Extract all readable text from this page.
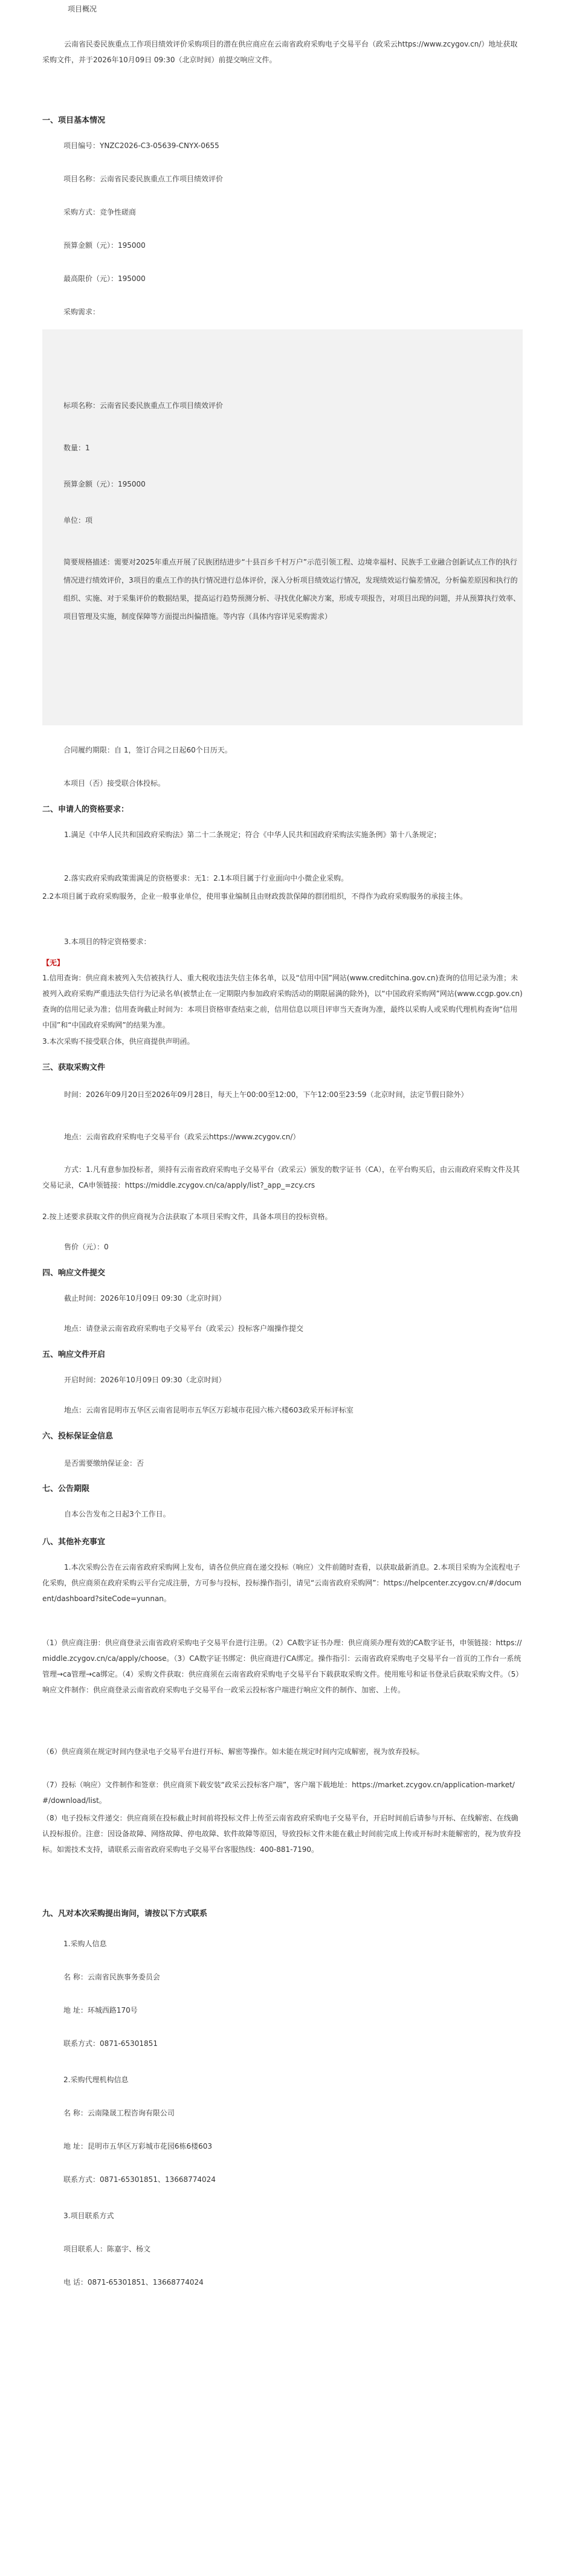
项目概况
云南省民委民族重点工作项目绩效评价采购项目的潜在供应商应在云南省政府采购电子交易平台（政采云https://www.zcygov.cn/）地址获取采购文件，并于2026年10月09日 09:30（北京时间）前提交响应文件。
一、项目基本情况
项目编号：YNZC2026-C3-05639-CNYX-0655
项目名称：云南省民委民族重点工作项目绩效评价
采购方式：竞争性磋商
预算金额（元）：195000
最高限价（元）：195000
采购需求：
标项名称：云南省民委民族重点工作项目绩效评价
数量：1
预算金额（元）：195000
单位：项
简要规格描述：需要对2025年重点开展了民族团结进步“十县百乡千村万户”示范引领工程、边境幸福村、民族手工业融合创新试点工作的执行情况进行绩效评价，3项目的重点工作的执行情况进行总体评价，深入分析项目绩效运行情况，发现绩效运行偏差情况，分析偏差原因和执行的组织、实施、对于采集评价的数据结果，提高运行趋势预测分析、寻找优化解决方案，形成专项报告，对项目出现的问题，并从预算执行效率、项目管理及实施，制度保障等方面提出纠偏措施。等内容（具体内容详见采购需求）
合同履约期限：自 1，签订合同之日起60个日历天。
本项目（否）接受联合体投标。
二、申请人的资格要求：
1.满足《中华人民共和国政府采购法》第二十二条规定；符合《中华人民共和国政府采购法实施条例》第十八条规定；
2.落实政府采购政策需满足的资格要求：无1：2.1本项目属于行业面向中小微企业采购。
2.2本项目属于政府采购服务，企业一般事业单位，使用事业编制且由财政拨款保障的群团组织，不得作为政府采购服务的承接主体。
3.本项目的特定资格要求：
【无】
1.信用查询：供应商未被列入失信被执行人、重大税收违法失信主体名单，以及“信用中国”网站(www.creditchina.gov.cn)查询的信用记录为准；未被列入政府采购严重违法失信行为记录名单(被禁止在一定期限内参加政府采购活动的期限届满的除外)，以“中国政府采购网”网站(www.ccgp.gov.cn)查询的信用记录为准；信用查询截止时间为：本项目资格审查结束之前，信用信息以项目评审当天查询为准，最终以采购人或采购代理机构查询“信用中国”和“中国政府采购网”的结果为准。
3.本次采购不接受联合体，供应商提供声明函。
三、获取采购文件
时间：2026年09月20日至2026年09月28日，每天上午00:00至12:00，下午12:00至23:59（北京时间，法定节假日除外）
地点：云南省政府采购电子交易平台（政采云https://www.zcygov.cn/）
方式：1.凡有意参加投标者，须持有云南省政府采购电子交易平台（政采云）颁发的数字证书（CA），在平台购买后，由云南政府采购文件及其交易记录，CA申领链接：https://middle.zcygov.cn/ca/apply/list?_app_=zcy.crs
2.按上述要求获取文件的供应商视为合法获取了本项目采购文件，具备本项目的投标资格。
售价（元）：0
四、响应文件提交
截止时间：2026年10月09日 09:30（北京时间）
地点：请登录云南省政府采购电子交易平台（政采云）投标客户端操作提交
五、响应文件开启
开启时间：2026年10月09日 09:30（北京时间）
地点：云南省昆明市五华区云南省昆明市五华区万彩城市花园六栋六楼603政采开标评标室
六、投标保证金信息
是否需要缴纳保证金：否
七、公告期限
自本公告发布之日起3个工作日。
八、其他补充事宜
1.本次采购公告在云南省政府采购网上发布，请各位供应商在递交投标（响应）文件前随时查看，以获取最新消息。2.本项目采购为全流程电子化采购，供应商须在政府采购云平台完成注册，方可参与投标，投标操作指引，请见“云南省政府采购网”：https://helpcenter.zcygov.cn/#/document/dashboard?siteCode=yunnan。
（1）供应商注册：供应商登录云南省政府采购电子交易平台进行注册。（2）CA数字证书办理：供应商须办理有效的CA数字证书，申领链接：https://middle.zcygov.cn/ca/apply/choose。（3）CA数字证书绑定：供应商进行CA绑定。操作指引：云南省政府采购电子交易平台一首页的工作台一系统管理→ca管理→ca绑定。（4）采购文件获取：供应商须在云南省政府采购电子交易平台下载获取采购文件。使用账号和证书登录后获取采购文件。（5）响应文件制作：供应商登录云南省政府采购电子交易平台一政采云投标客户端进行响应文件的制作、加密、上传。
（6）供应商须在规定时间内登录电子交易平台进行开标、解密等操作。如未能在规定时间内完成解密，视为放弃投标。
（7）投标（响应）文件制作和签章：供应商须下载安装“政采云投标客户端”，客户端下载地址：https://market.zcygov.cn/application-market/#/download/list。
（8）电子投标文件递交：供应商须在投标截止时间前将投标文件上传至云南省政府采购电子交易平台，开启时间前后请参与开标、在线解密、在线确认投标报价。注意：因设备故障、网络故障、停电故障、软件故障等原因，导致投标文件未能在截止时间前完成上传或开标时未能解密的，视为放弃投标。如需技术支持，请联系云南省政府采购电子交易平台客服热线：400-881-7190。
九、凡对本次采购提出询问，请按以下方式联系
1.采购人信息
名 称：云南省民族事务委员会
地 址：环城西路170号
联系方式：0871-65301851
2.采购代理机构信息
名 称：云南隆晟工程咨询有限公司
地 址：昆明市五华区万彩城市花园6栋6楼603
联系方式：0871-65301851、13668774024
3.项目联系方式
项目联系人：陈嘉宇、杨文
电 话：0871-65301851、13668774024
